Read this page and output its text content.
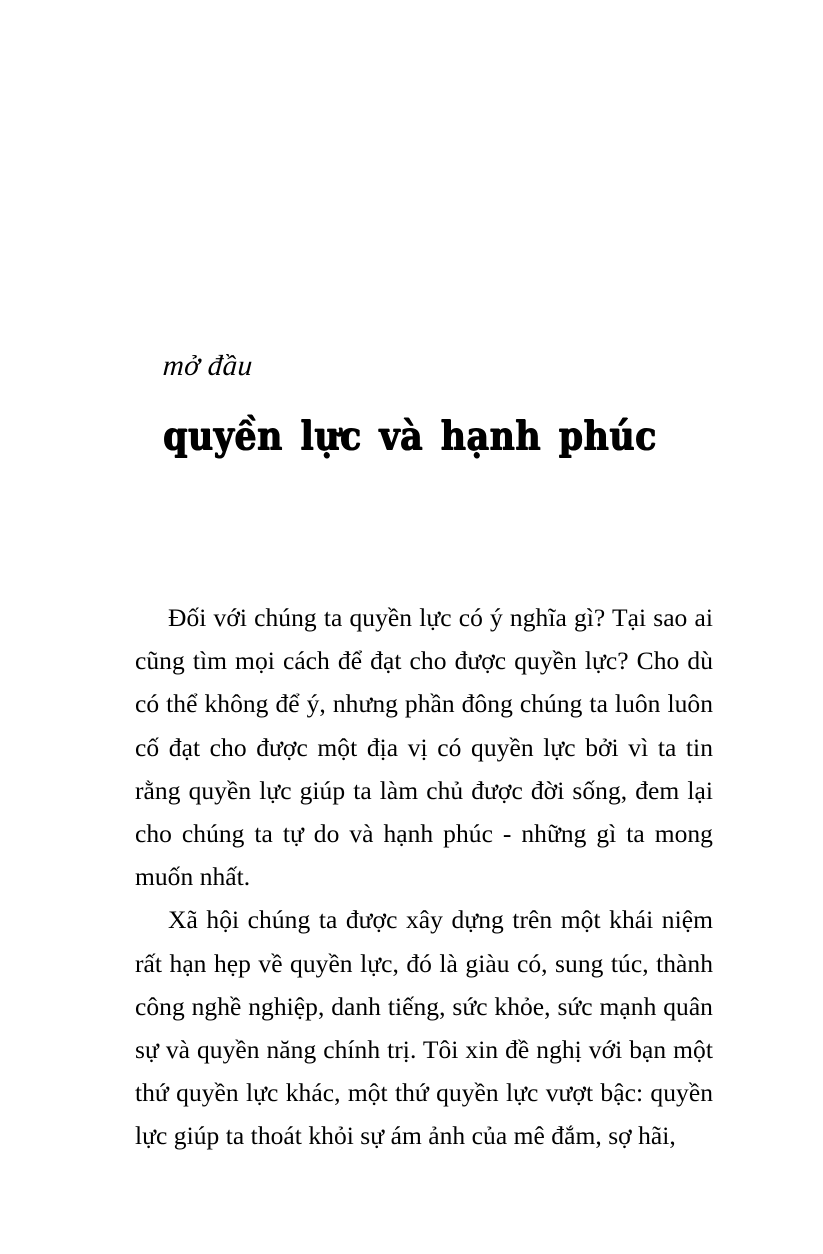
mở đầu
quyền lực và hạnh phúc

Đối với chúng ta quyền lực có ý nghĩa gì? Tại sao ai cũng tìm mọi cách để đạt cho được quyền lực? Cho dù có thể không để ý, nhưng phần đông chúng ta luôn luôn cố đạt cho được một địa vị có quyền lực bởi vì ta tin rằng quyền lực giúp ta làm chủ được đời sống, đem lại cho chúng ta tự do và hạnh phúc - những gì ta mong muốn nhất.

Xã hội chúng ta được xây dựng trên một khái niệm rất hạn hẹp về quyền lực, đó là giàu có, sung túc, thành công nghề nghiệp, danh tiếng, sức khỏe, sức mạnh quân sự và quyền năng chính trị. Tôi xin đề nghị với bạn một thứ quyền lực khác, một thứ quyền lực vượt bậc: quyền lực giúp ta thoát khỏi sự ám ảnh của mê đắm, sợ hãi,
